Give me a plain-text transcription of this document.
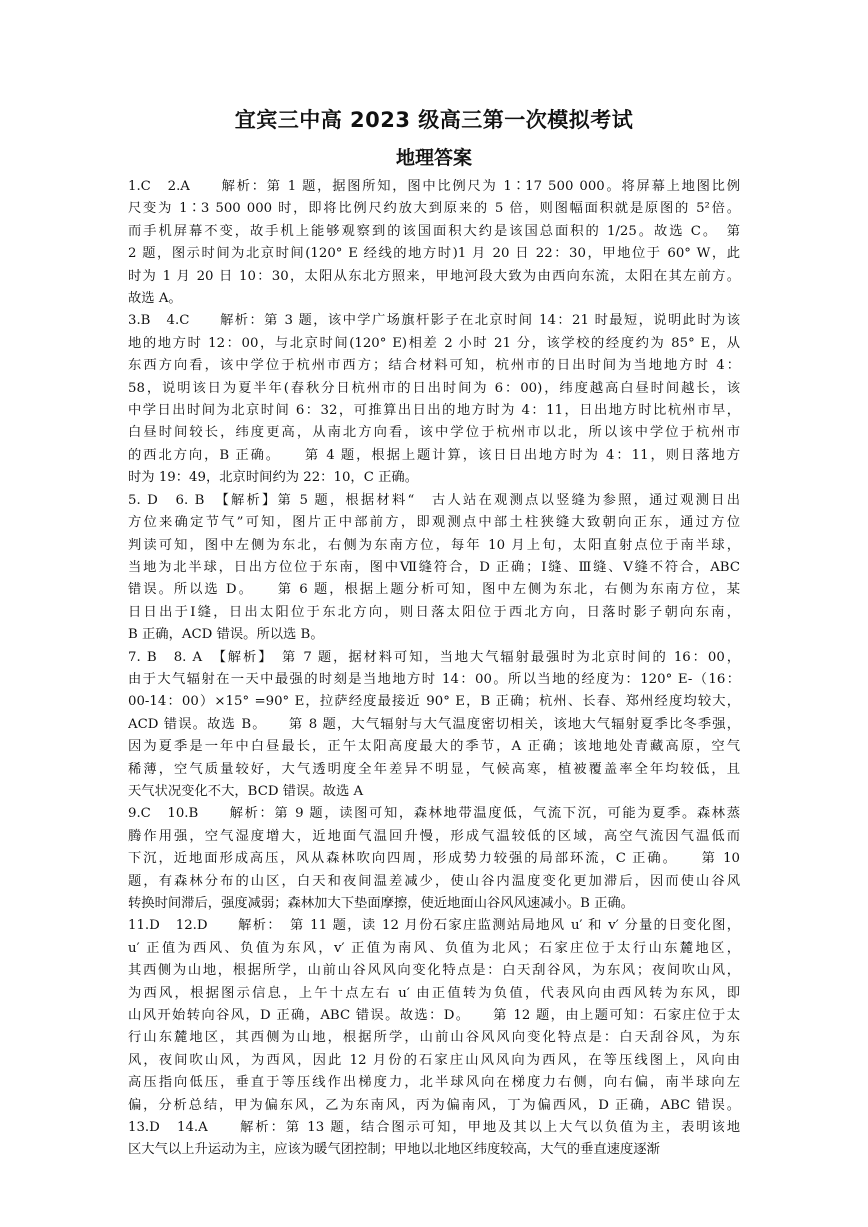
宜宾三中高 2023 级高三第一次模拟考试
地理答案
1.C　2.A　　解析：第 1 题，据图所知，图中比例尺为 1∶17 500 000。将屏幕上地图比例
尺变为 1∶3 500 000 时，即将比例尺约放大到原来的 5 倍，则图幅面积就是原图的 5²倍。
而手机屏幕不变，故手机上能够观察到的该国面积大约是该国总面积的 1/25。故选 C。　第
2 题，图示时间为北京时间(120° E 经线的地方时)1 月 20 日 22：30，甲地位于 60° W，此
时为 1 月 20 日 10：30，太阳从东北方照来，甲地河段大致为由西向东流，太阳在其左前方。
故选 A。
3.B　4.C　　解析：第 3 题，该中学广场旗杆影子在北京时间 14：21 时最短，说明此时为该
地的地方时 12：00，与北京时间(120° E)相差 2 小时 21 分，该学校的经度约为 85° E，从
东西方向看，该中学位于杭州市西方；结合材料可知，杭州市的日出时间为当地地方时 4：
58，说明该日为夏半年(春秋分日杭州市的日出时间为 6：00)，纬度越高白昼时间越长，该
中学日出时间为北京时间 6：32，可推算出日出的地方时为 4：11，日出地方时比杭州市早，
白昼时间较长，纬度更高，从南北方向看，该中学位于杭州市以北，所以该中学位于杭州市
的西北方向，B 正确。　　第 4 题，根据上题计算，该日日出地方时为 4：11，则日落地方
时为 19：49，北京时间约为 22：10，C 正确。
5. D　6. B　【解析】第 5 题，根据材料“　古人站在观测点以竖缝为参照，通过观测日出
方位来确定节气”可知，图片正中部前方，即观测点中部土柱狭缝大致朝向正东，通过方位
判读可知，图中左侧为东北，右侧为东南方位，每年 10 月上旬，太阳直射点位于南半球，
当地为北半球，日出方位位于东南，图中Ⅶ缝符合，D 正确；Ⅰ缝、Ⅲ缝、Ⅴ缝不符合，ABC
错误。所以选 D。　　第 6 题，根据上题分析可知，图中左侧为东北，右侧为东南方位，某
日日出于Ⅰ缝，日出太阳位于东北方向，则日落太阳位于西北方向，日落时影子朝向东南，
B 正确，ACD 错误。所以选 B。
7. B　8. A　【解析】　第 7 题，据材料可知，当地大气辐射最强时为北京时间的 16：00，
由于大气辐射在一天中最强的时刻是当地地方时 14：00。所以当地的经度为：120° E-（16：
00-14：00）×15° =90° E，拉萨经度最接近 90° E，B 正确；杭州、长春、郑州经度均较大，
ACD 错误。故选 B。　　第 8 题，大气辐射与大气温度密切相关，该地大气辐射夏季比冬季强，
因为夏季是一年中白昼最长，正午太阳高度最大的季节，A 正确；该地地处青藏高原，空气
稀薄，空气质量较好，大气透明度全年差异不明显，气候高寒，植被覆盖率全年均较低，且
天气状况变化不大，BCD 错误。故选 A
9.C　10.B　　解析：第 9 题，读图可知，森林地带温度低，气流下沉，可能为夏季。森林蒸
腾作用强，空气湿度增大，近地面气温回升慢，形成气温较低的区域，高空气流因气温低而
下沉，近地面形成高压，风从森林吹向四周，形成势力较强的局部环流，C 正确。　　第 10
题，有森林分布的山区，白天和夜间温差减少，使山谷内温度变化更加滞后，因而使山谷风
转换时间滞后，强度减弱；森林加大下垫面摩擦，使近地面山谷风风速减小。B 正确。
11.D　12.D　　解析：　第 11 题，读 12 月份石家庄监测站局地风 u′ 和 v′ 分量的日变化图，
u′ 正值为西风、负值为东风，v′ 正值为南风、负值为北风；石家庄位于太行山东麓地区，
其西侧为山地，根据所学，山前山谷风风向变化特点是：白天刮谷风，为东风；夜间吹山风，
为西风，根据图示信息，上午十点左右 u′ 由正值转为负值，代表风向由西风转为东风，即
山风开始转向谷风，D 正确，ABC 错误。故选：D。　　第 12 题，由上题可知：石家庄位于太
行山东麓地区，其西侧为山地，根据所学，山前山谷风风向变化特点是：白天刮谷风，为东
风，夜间吹山风，为西风，因此 12 月份的石家庄山风风向为西风，在等压线图上，风向由
高压指向低压，垂直于等压线作出梯度力，北半球风向在梯度力右侧，向右偏，南半球向左
偏，分析总结，甲为偏东风，乙为东南风，丙为偏南风，丁为偏西风，D 正确，ABC 错误。
13.D　14.A　　解析：第 13 题，结合图示可知，甲地及其以上大气以负值为主，表明该地
区大气以上升运动为主，应该为暖气团控制；甲地以北地区纬度较高，大气的垂直速度逐渐
